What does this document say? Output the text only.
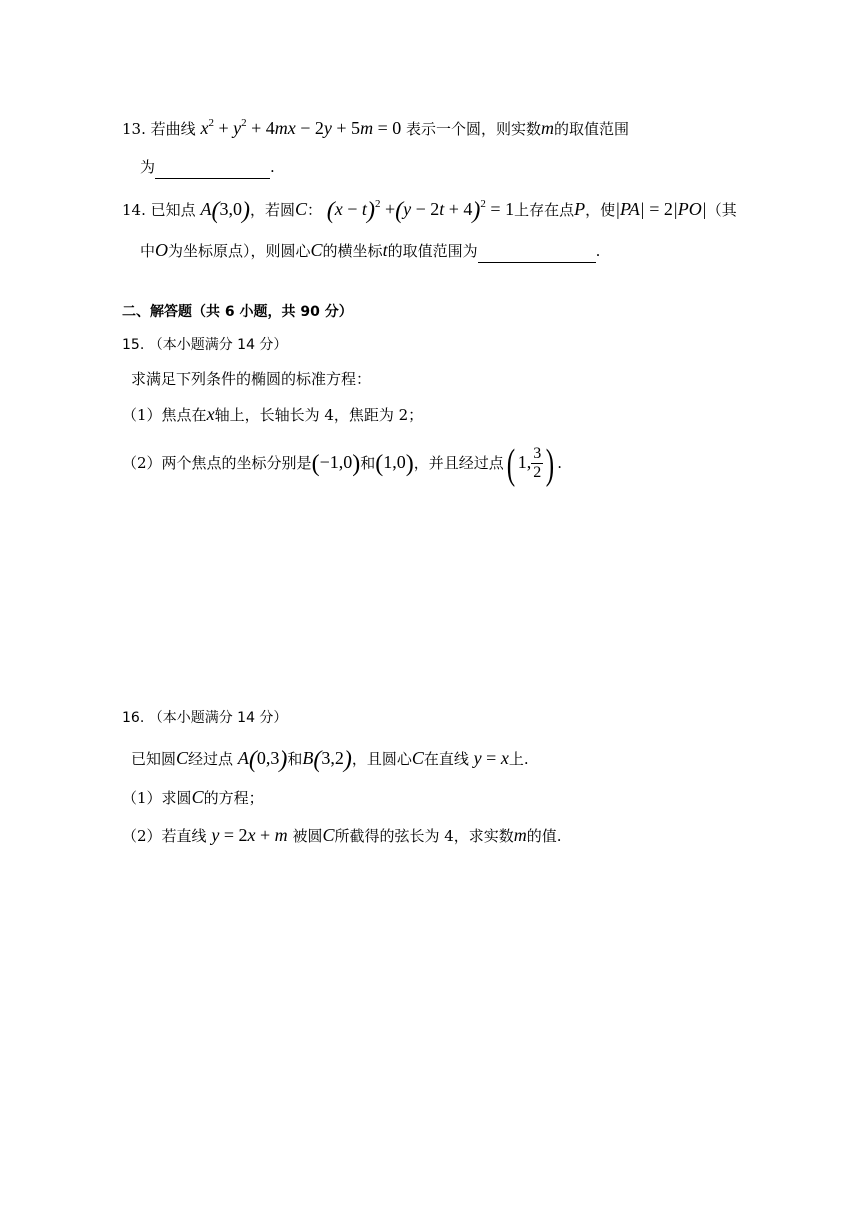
13. 若曲线 $x^2 + y^2 + 4mx - 2y + 5m = 0$ 表示一个圆，则实数m的取值范围
为	.
14. 已知点 A(3,0)，若圆C： $(x - t)^2 +(y - 2t + 4)^2 = 1$上存在点P，使|PA| = 2|PO|（其
中O为坐标原点），则圆心C的横坐标t的取值范围为	.
二、解答题（共 6 小题，共 90 分）
15. （本小题满分 14 分）
求满足下列条件的椭圆的标准方程：
（1）焦点在x轴上，长轴长为 4，焦距为 2；
（2）两个焦点的坐标分别是(−1,0)和(1,0)，并且经过点( 1, $\frac{3}{2}$ ) .
16. （本小题满分 14 分）
已知圆C经过点 A(0,3)和B(3,2)，且圆心C在直线 y = x上.
（1）求圆C的方程；
（2）若直线 y = 2x + m 被圆C所截得的弦长为 4，求实数m的值.
